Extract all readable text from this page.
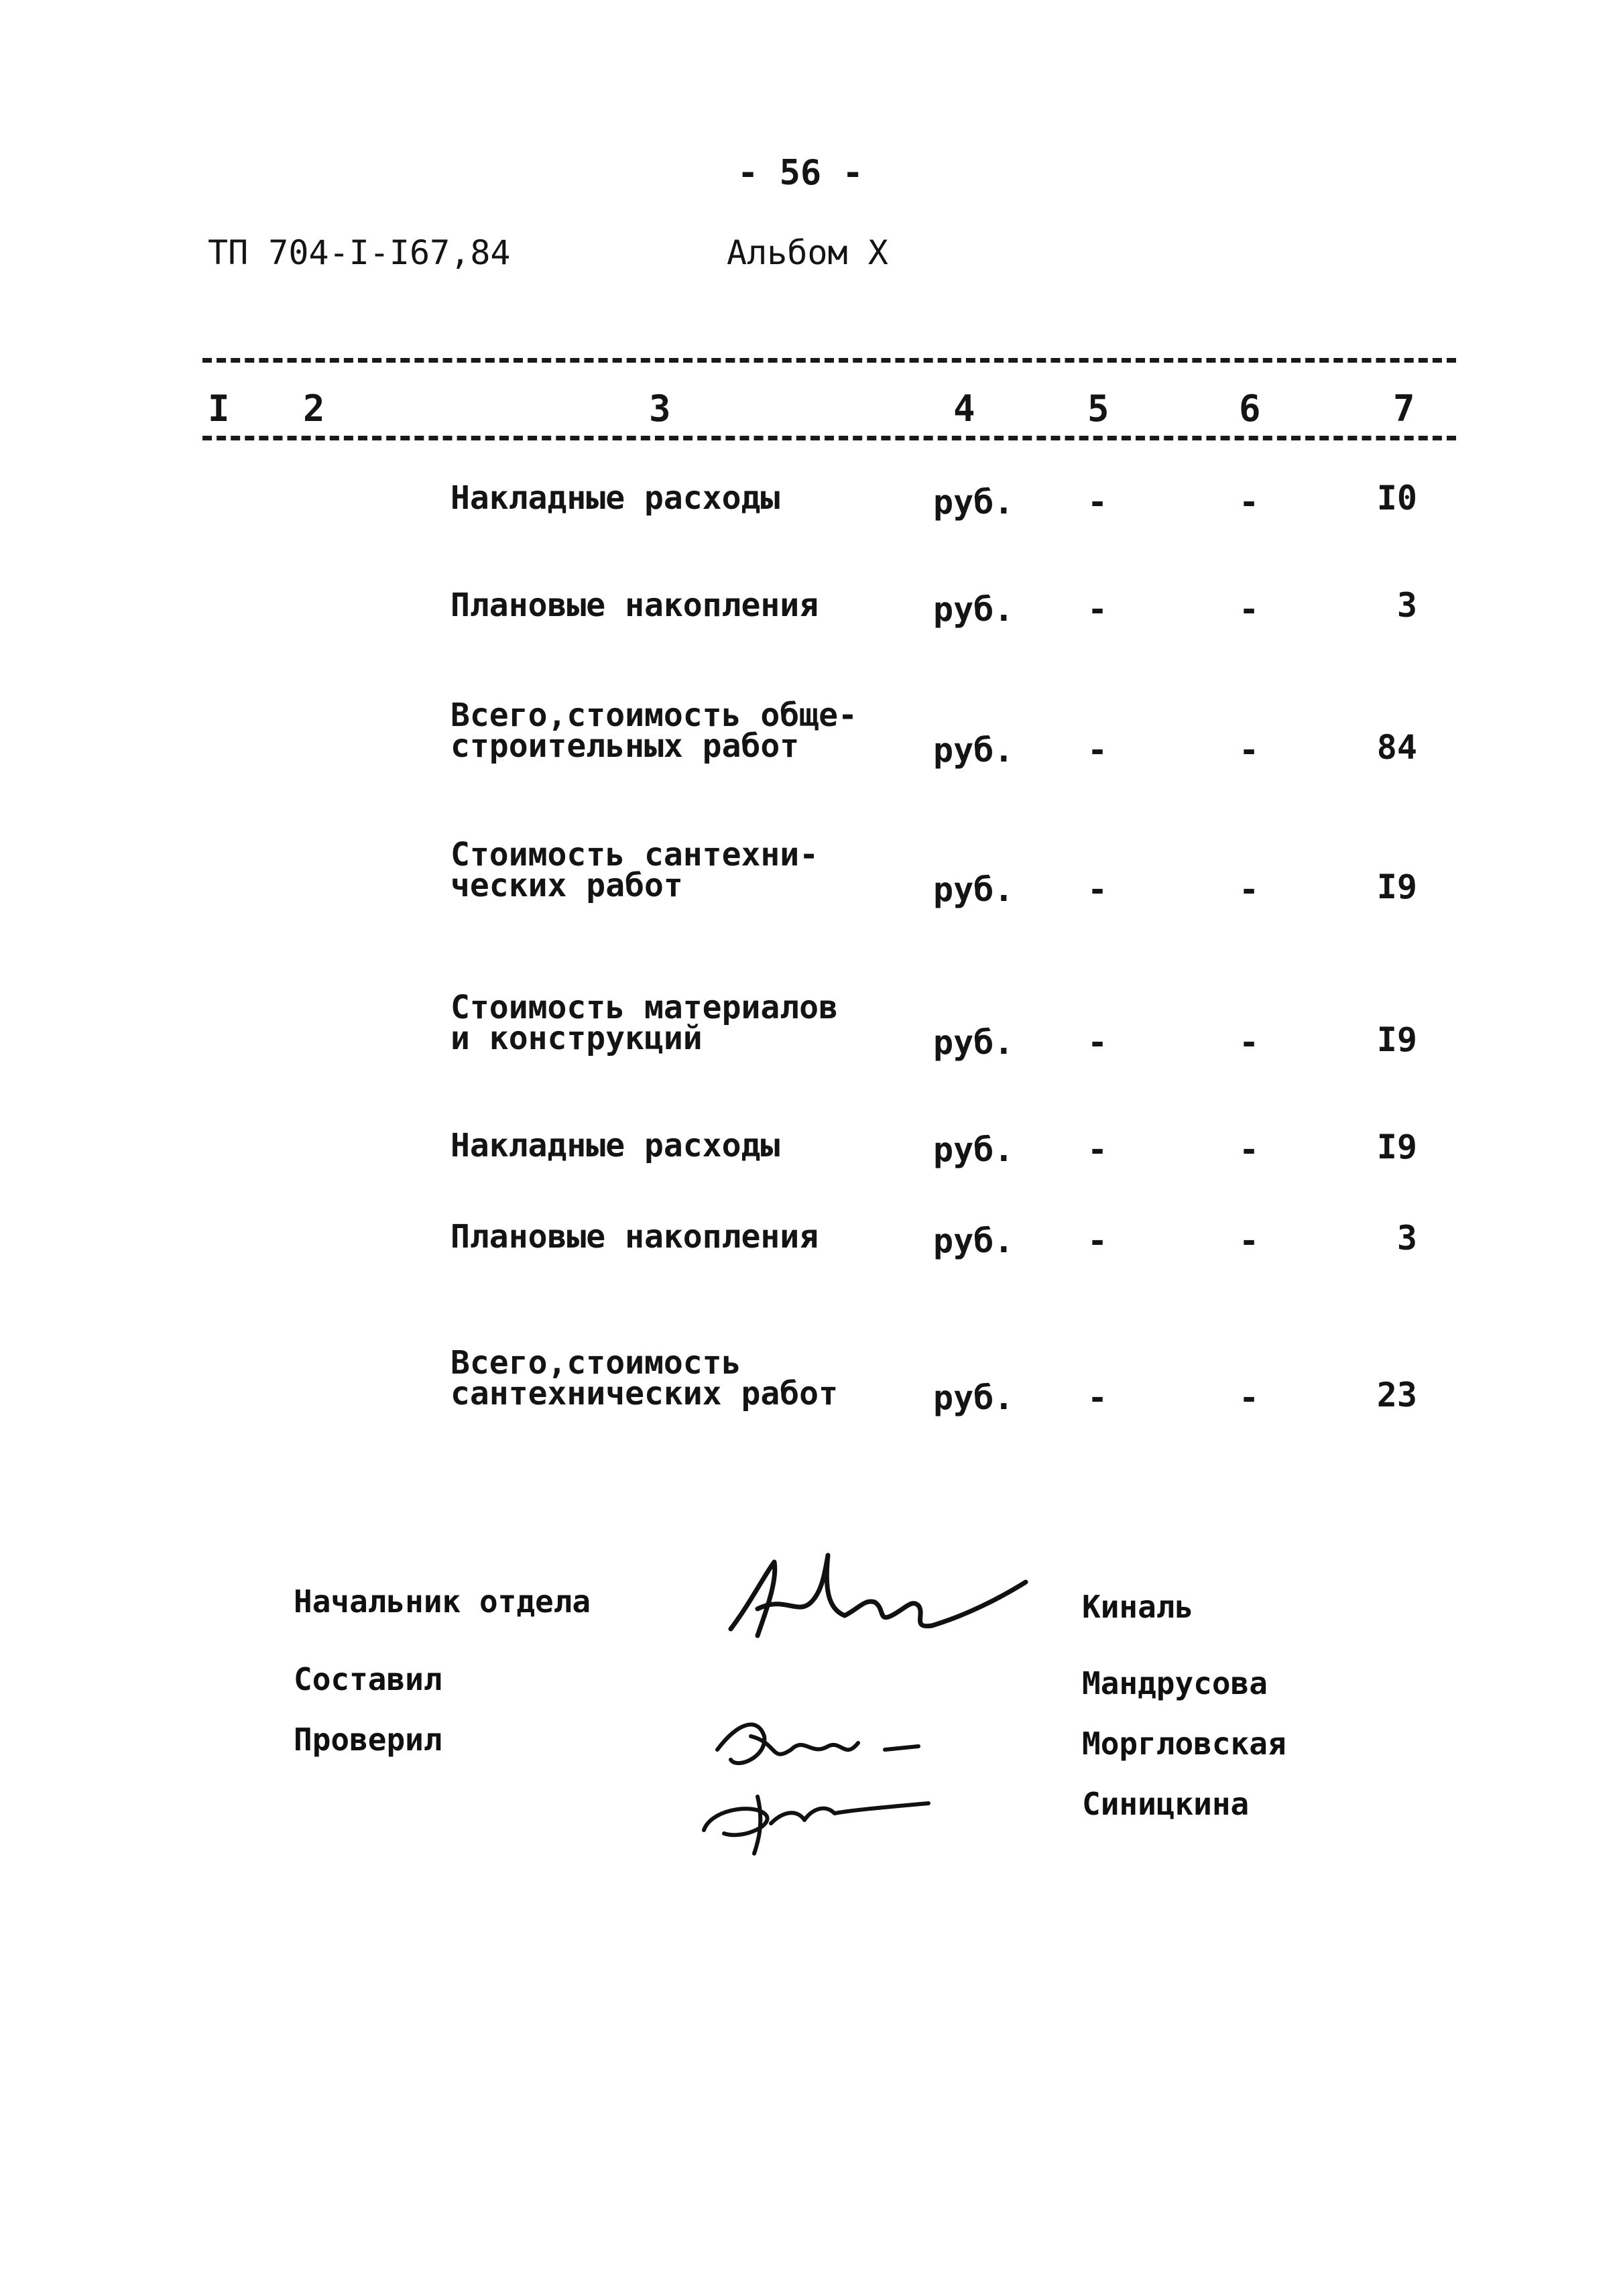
- 56 -
ТП 704-I-I67,84	Альбом X
I 2	3	4	5	6	7
Накладные расходы	руб. -	-	I0
Плановые накопления	руб. -	-	3
Всего,стоимость обще-
строительных работ	руб. -	-	84
Стоимость сантехни-
ческих работ	руб. -	-	I9
Стоимость материалов
и конструкций	руб. -	-	I9
Накладные расходы	руб. -	-	I9
Плановые накопления	руб. -	-	3
Всего,стоимость
сантехнических работ	руб. -	-	23
Начальник отдела
Составил
Проверил
Киналь
Мандрусова
Моргловская
Синицкина
